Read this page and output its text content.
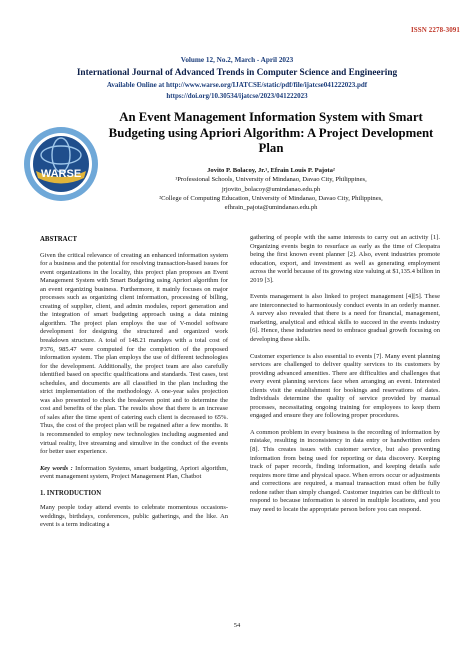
ISSN 2278-3091
Volume 12, No.2, March - April 2023
International Journal of Advanced Trends in Computer Science and Engineering
Available Online at http://www.warse.org/IJATCSE/static/pdf/file/ijatcse041222023.pdf
https://doi.org/10.30534/ijatcse/2023/041222023
WARSE
An Event Management Information System with Smart Budgeting using Apriori Algorithm: A Project Development Plan
Jovito P. Bolacoy, Jr.¹, Efrain Louis P. Pajota²
¹Professional Schools, University of Mindanao, Davao City, Philippines,
jrjovito_bolacoy@umindanao.edu.ph
²College of Computing Education, University of Mindanao, Davao City, Philippines,
efhrain_pajota@umindanao.edu.ph
ABSTRACT
Given the critical relevance of creating an enhanced information system for a business and the potential for resolving transaction-based issues for event organizations in the locality, this project plan proposes an Event Management System with Smart Budgeting using Apriori algorithm for an event organizing business. Furthermore, it mainly focuses on major processes such as organizing client information, processing of billing, creating of supplier, client, and admin modules, report generation and the integration of smart budgeting approach using a data mining algorithm. The project plan employs the use of V-model software development for designing the structured and organized work breakdown structure. A total of 148.21 mandays with a total cost of P376, 985.47 were computed for the completion of the proposed information system. The plan employs the use of different technologies for the development. Additionally, the project team are also carefully identified based on specific qualifications and standards. Test cases, test schedules, and documents are all classified in the plan including the strict implementation of the methodology. A one-year sales projection was also presented to check the breakeven point and to determine the cost and benefits of the plan. The results show that there is an increase of sales after the time spent of catering each client is decreased to 65%. Thus, the cost of the project plan will be regained after a few months. It is recommended to employ new technologies including augmented and virtual reality, live streaming and simulive in the conduct of the events for better user experience.
Key words : Information Systems, smart budgeting, Apriori algorithm, event management system, Project Management Plan, Chatbot
1. INTRODUCTION
Many people today attend events to celebrate momentous occasions- weddings, birthdays, conferences, public gatherings, and the like. An event is a term indicating a
gathering of people with the same interests to carry out an activity [1]. Organizing events begin to resurface as early as the time of Cleopatra being the first known event planner [2]. Also, event industries promote education, export, and investment as well as generating employment across the world because of its growing size valuing at $1,135.4 billion in 2019 [3].
Events management is also linked to project management [4][5]. These are interconnected to harmoniously conduct events in an orderly manner. A survey also revealed that there is a need for financial, management, marketing, analytical and ethical skills to succeed in the events industry [6]. Hence, these industries need to embrace gradual growth focusing on developing these skills.
Customer experience is also essential to events [7]. Many event planning services are challenged to deliver quality services to its customers by providing advanced amenities. There are difficulties and challenges that every event planning services face when arranging an event. Interested clients visit the establishment for bookings and reservations of dates. Individuals determine the quality of service provided by manual processes, necessitating ongoing training for employees to keep them engaged and ensure they are following proper procedures.
A common problem in every business is the recording of information by mistake, resulting in inconsistency in data entry or handwritten orders [8]. This creates issues with customer service, but also preventing information from being used for reporting or data discovery. Keeping track of paper records, finding information, and keeping details safe requires more time and physical space. When errors occur or adjustments and corrections are required, a manual transaction must often be fully redone rather than simply changed. Customer inquiries can be difficult to respond to because information is stored in multiple locations, and you may need to locate the appropriate person before you can respond.
54
